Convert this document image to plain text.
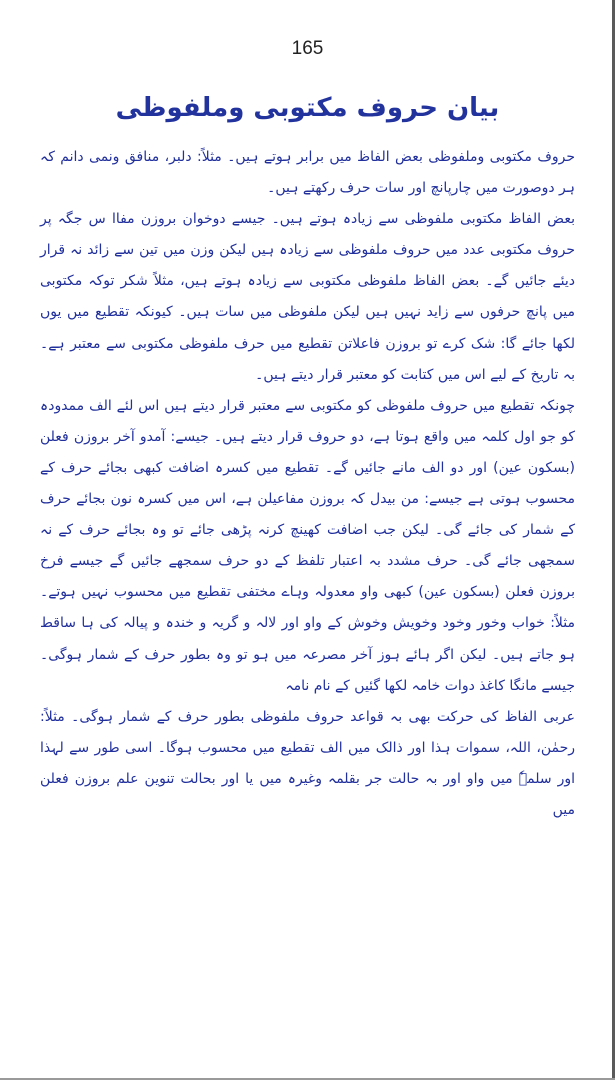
165
بیان حروف مکتوبی وملفوظی

حروف مکتوبی وملفوظی بعض الفاظ میں برابر ہوتے ہیں۔ مثلاً: دلبر، منافق ونمی دانم کہ ہر دوصورت میں چارپانچ اور سات حرف رکھتے ہیں۔

بعض الفاظ مکتوبی ملفوظی سے زیادہ ہوتے ہیں۔ جیسے دوخوان بروزن مفاا س جگہ پر حروف مکتوبی عدد میں حروف ملفوظی سے زیادہ ہیں لیکن وزن میں تین سے زائد نہ قرار دیئے جائیں گے۔ بعض الفاظ ملفوظی مکتوبی سے زیادہ ہوتے ہیں، مثلاً شکر توکہ مکتوبی میں پانچ حرفوں سے زاید نہیں ہیں لیکن ملفوظی میں سات ہیں۔ کیونکہ تقطیع میں یوں لکھا جائے گا: شک کرے تو بروزن فاعلاتن تقطیع میں حرف ملفوظی مکتوبی سے معتبر ہے۔ بہ تاریخ کے لیے اس میں کتابت کو معتبر قرار دیتے ہیں۔

چونکہ تقطیع میں حروف ملفوظی کو مکتوبی سے معتبر قرار دیتے ہیں اس لئے الف ممدودہ کو جو اول کلمہ میں واقع ہوتا ہے، دو حروف قرار دیتے ہیں۔ جیسے: آمدو آخر بروزن فعلن (بسکون عین) اور دو الف مانے جائیں گے۔ تقطیع میں کسرہ اضافت کبھی بجائے حرف کے محسوب ہوتی ہے جیسے: من بیدل کہ بروزن مفاعیلن ہے، اس میں کسرہ نون بجائے حرف کے شمار کی جائے گی۔ لیکن جب اضافت کھینچ کرنہ پڑھی جائے تو وہ بجائے حرف کے نہ سمجھی جائے گی۔ حرف مشدد بہ اعتبار تلفظ کے دو حرف سمجھے جائیں گے جیسے فرخ بروزن فعلن (بسکون عین) کبھی واو معدولہ وہاے مختفی تقطیع میں محسوب نہیں ہوتے۔ مثلاً: خواب وخور وخود وخویش وخوش کے واو اور لالہ و گریہ و خندہ و پیالہ کی ہا ساقط ہو جاتے ہیں۔ لیکن اگر ہائے ہوز آخر مصرعہ میں ہو تو وہ بطور حرف کے شمار ہوگی۔ جیسے مانگا کاغذ دوات خامہ لکھا گئیں کے نام نامہ

عربی الفاظ کی حرکت بھی بہ قواعد حروف ملفوظی بطور حرف کے شمار ہوگی۔ مثلاً: رحمٰن، اللہ، سموات ہذا اور ذالک میں الف تقطیع میں محسوب ہوگا۔ اسی طور سے لہذا اور سلمہٗ میں واو اور بہ حالت جر بقلمہ وغیرہ میں یا اور بحالت تنوین علم بروزن فعلن میں
